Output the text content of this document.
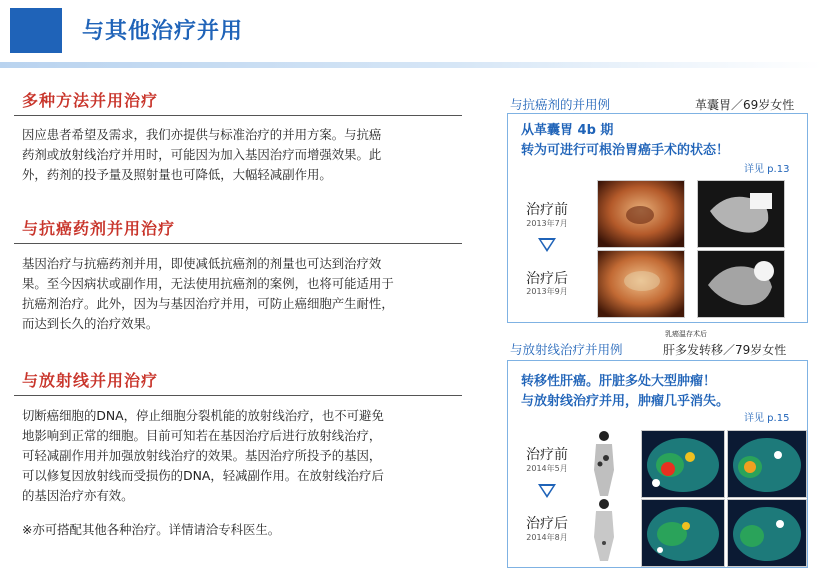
与其他治疗并用
多种方法并用治疗
因应患者希望及需求，我们亦提供与标准治疗的并用方案。与抗癌
药剂或放射线治疗并用时，可能因为加入基因治疗而增强效果。此
外，药剂的投予量及照射量也可降低，大幅轻减副作用。
与抗癌药剂并用治疗
基因治疗与抗癌药剂并用，即使减低抗癌剂的剂量也可达到治疗效
果。至今因病状或副作用，无法使用抗癌剂的案例，也将可能适用于
抗癌剂治疗。此外，因为与基因治疗并用，可防止癌细胞产生耐性，
而达到长久的治疗效果。
与放射线并用治疗
切断癌细胞的DNA，停止细胞分裂机能的放射线治疗，也不可避免
地影响到正常的细胞。目前可知若在基因治疗后进行放射线治疗，
可轻减副作用并加强放射线治疗的效果。基因治疗所投予的基因，
可以修复因放射线而受损伤的DNA，轻减副作用。在放射线治疗后
的基因治疗亦有效。
※亦可搭配其他各种治疗。详情请洽专科医生。
与抗癌剂的并用例	革囊胃／69岁女性
从革囊胃 4b 期
转为可进行可根治胃癌手术的状态！
详见 p.13
治疗前
2013年7月
治疗后
2013年9月
与放射线治疗并用例
乳癌温存术后
肝多发转移／79岁女性
转移性肝癌。肝脏多处大型肿瘤！
与放射线治疗并用，肿瘤几乎消失。
详见 p.15
治疗前
2014年5月
治疗后
2014年8月
